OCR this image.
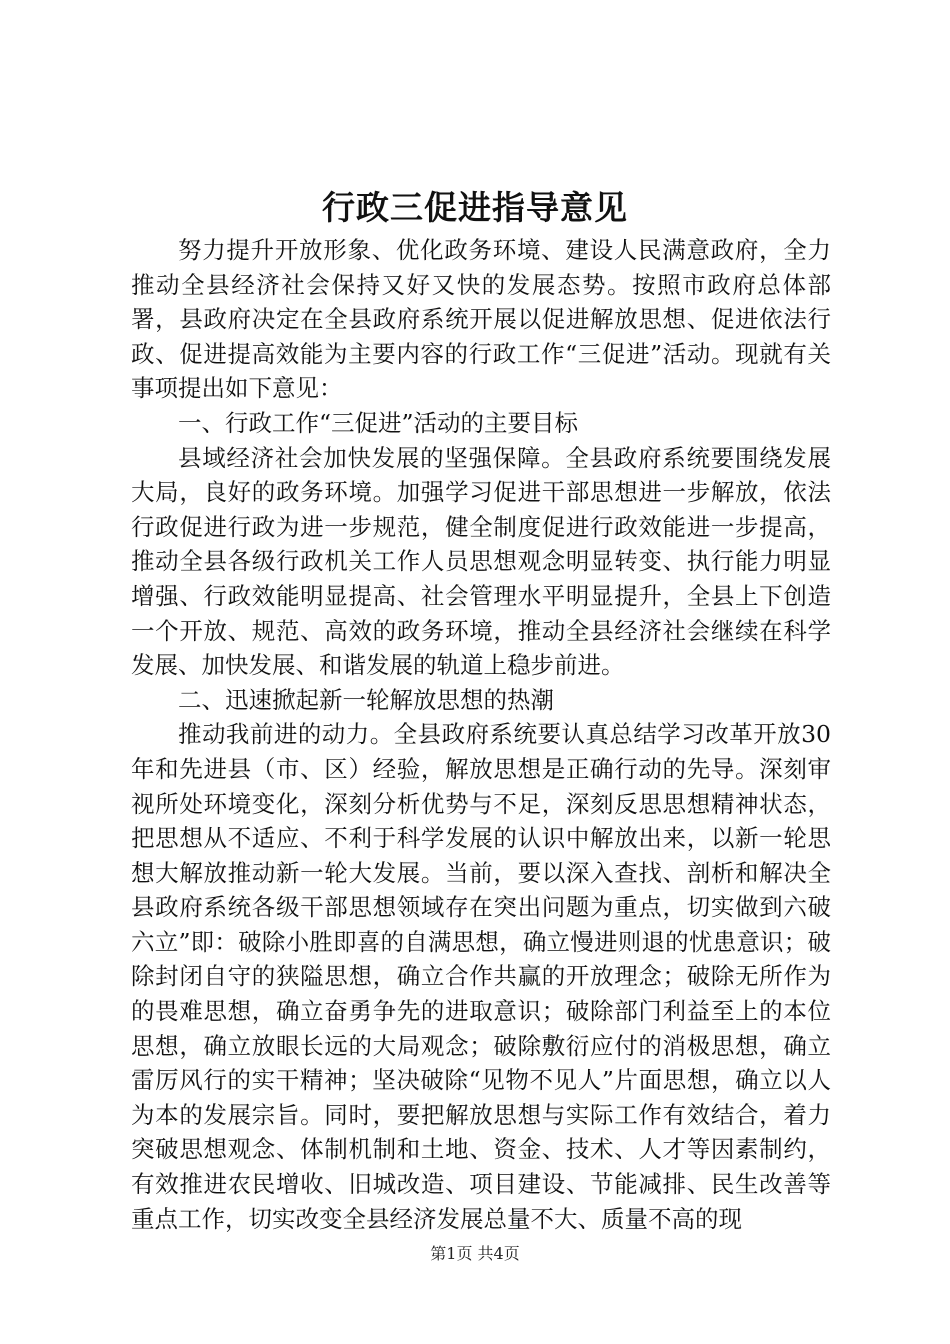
行政三促进指导意见

努力提升开放形象、优化政务环境、建设人民满意政府，全力推动全县经济社会保持又好又快的发展态势。按照市政府总体部署，县政府决定在全县政府系统开展以促进解放思想、促进依法行政、促进提高效能为主要内容的行政工作“三促进”活动。现就有关事项提出如下意见：

一、行政工作“三促进”活动的主要目标

县域经济社会加快发展的坚强保障。全县政府系统要围绕发展大局，良好的政务环境。加强学习促进干部思想进一步解放，依法行政促进行政为进一步规范，健全制度促进行政效能进一步提高，推动全县各级行政机关工作人员思想观念明显转变、执行能力明显增强、行政效能明显提高、社会管理水平明显提升，全县上下创造一个开放、规范、高效的政务环境，推动全县经济社会继续在科学发展、加快发展、和谐发展的轨道上稳步前进。

二、迅速掀起新一轮解放思想的热潮

推动我前进的动力。全县政府系统要认真总结学习改革开放30年和先进县（市、区）经验，解放思想是正确行动的先导。深刻审视所处环境变化，深刻分析优势与不足，深刻反思思想精神状态，把思想从不适应、不利于科学发展的认识中解放出来，以新一轮思想大解放推动新一轮大发展。当前，要以深入查找、剖析和解决全县政府系统各级干部思想领域存在突出问题为重点，切实做到六破六立”即：破除小胜即喜的自满思想，确立慢进则退的忧患意识；破除封闭自守的狭隘思想，确立合作共赢的开放理念；破除无所作为的畏难思想，确立奋勇争先的进取意识；破除部门利益至上的本位思想，确立放眼长远的大局观念；破除敷衍应付的消极思想，确立雷厉风行的实干精神；坚决破除“见物不见人”片面思想，确立以人为本的发展宗旨。同时，要把解放思想与实际工作有效结合，着力突破思想观念、体制机制和土地、资金、技术、人才等因素制约，有效推进农民增收、旧城改造、项目建设、节能减排、民生改善等重点工作，切实改变全县经济发展总量不大、质量不高的现

第1页 共4页
